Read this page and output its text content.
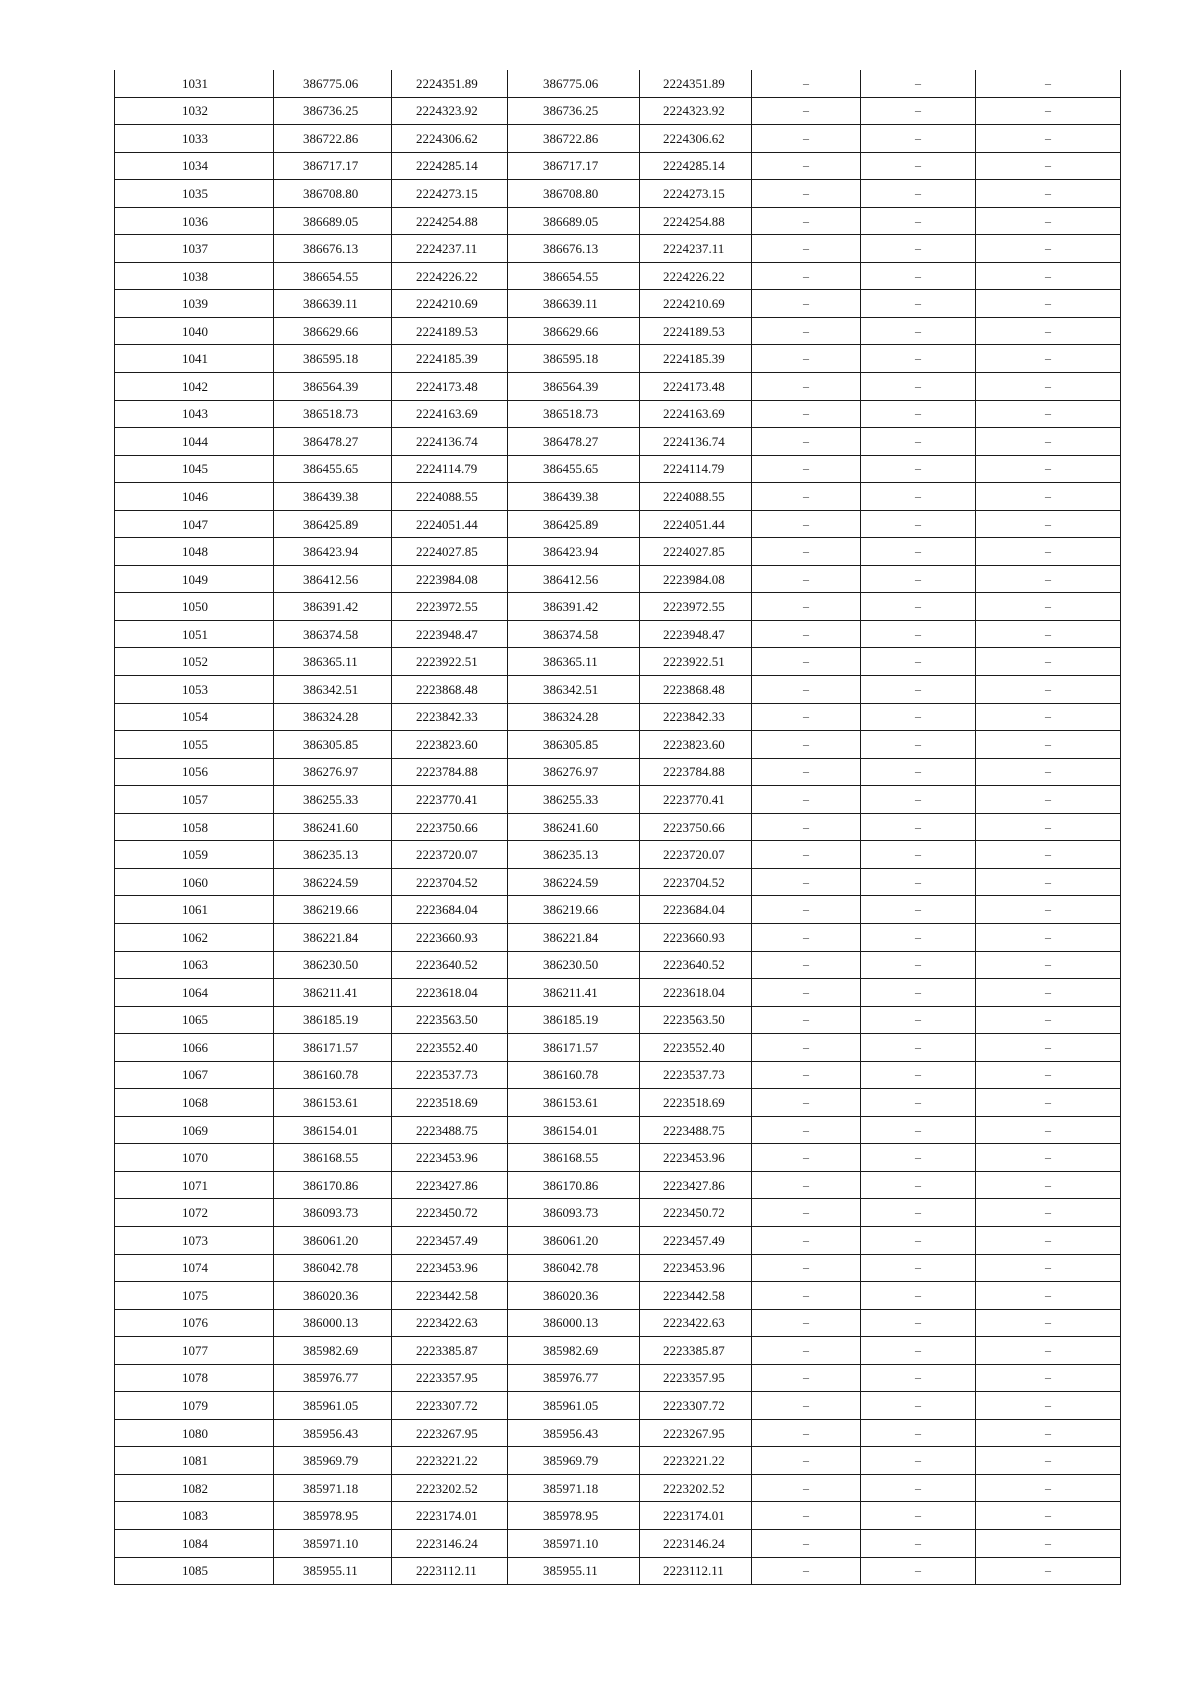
1031	386775.06	2224351.89	386775.06	2224351.89	–	–	–
1032	386736.25	2224323.92	386736.25	2224323.92	–	–	–
1033	386722.86	2224306.62	386722.86	2224306.62	–	–	–
1034	386717.17	2224285.14	386717.17	2224285.14	–	–	–
1035	386708.80	2224273.15	386708.80	2224273.15	–	–	–
1036	386689.05	2224254.88	386689.05	2224254.88	–	–	–
1037	386676.13	2224237.11	386676.13	2224237.11	–	–	–
1038	386654.55	2224226.22	386654.55	2224226.22	–	–	–
1039	386639.11	2224210.69	386639.11	2224210.69	–	–	–
1040	386629.66	2224189.53	386629.66	2224189.53	–	–	–
1041	386595.18	2224185.39	386595.18	2224185.39	–	–	–
1042	386564.39	2224173.48	386564.39	2224173.48	–	–	–
1043	386518.73	2224163.69	386518.73	2224163.69	–	–	–
1044	386478.27	2224136.74	386478.27	2224136.74	–	–	–
1045	386455.65	2224114.79	386455.65	2224114.79	–	–	–
1046	386439.38	2224088.55	386439.38	2224088.55	–	–	–
1047	386425.89	2224051.44	386425.89	2224051.44	–	–	–
1048	386423.94	2224027.85	386423.94	2224027.85	–	–	–
1049	386412.56	2223984.08	386412.56	2223984.08	–	–	–
1050	386391.42	2223972.55	386391.42	2223972.55	–	–	–
1051	386374.58	2223948.47	386374.58	2223948.47	–	–	–
1052	386365.11	2223922.51	386365.11	2223922.51	–	–	–
1053	386342.51	2223868.48	386342.51	2223868.48	–	–	–
1054	386324.28	2223842.33	386324.28	2223842.33	–	–	–
1055	386305.85	2223823.60	386305.85	2223823.60	–	–	–
1056	386276.97	2223784.88	386276.97	2223784.88	–	–	–
1057	386255.33	2223770.41	386255.33	2223770.41	–	–	–
1058	386241.60	2223750.66	386241.60	2223750.66	–	–	–
1059	386235.13	2223720.07	386235.13	2223720.07	–	–	–
1060	386224.59	2223704.52	386224.59	2223704.52	–	–	–
1061	386219.66	2223684.04	386219.66	2223684.04	–	–	–
1062	386221.84	2223660.93	386221.84	2223660.93	–	–	–
1063	386230.50	2223640.52	386230.50	2223640.52	–	–	–
1064	386211.41	2223618.04	386211.41	2223618.04	–	–	–
1065	386185.19	2223563.50	386185.19	2223563.50	–	–	–
1066	386171.57	2223552.40	386171.57	2223552.40	–	–	–
1067	386160.78	2223537.73	386160.78	2223537.73	–	–	–
1068	386153.61	2223518.69	386153.61	2223518.69	–	–	–
1069	386154.01	2223488.75	386154.01	2223488.75	–	–	–
1070	386168.55	2223453.96	386168.55	2223453.96	–	–	–
1071	386170.86	2223427.86	386170.86	2223427.86	–	–	–
1072	386093.73	2223450.72	386093.73	2223450.72	–	–	–
1073	386061.20	2223457.49	386061.20	2223457.49	–	–	–
1074	386042.78	2223453.96	386042.78	2223453.96	–	–	–
1075	386020.36	2223442.58	386020.36	2223442.58	–	–	–
1076	386000.13	2223422.63	386000.13	2223422.63	–	–	–
1077	385982.69	2223385.87	385982.69	2223385.87	–	–	–
1078	385976.77	2223357.95	385976.77	2223357.95	–	–	–
1079	385961.05	2223307.72	385961.05	2223307.72	–	–	–
1080	385956.43	2223267.95	385956.43	2223267.95	–	–	–
1081	385969.79	2223221.22	385969.79	2223221.22	–	–	–
1082	385971.18	2223202.52	385971.18	2223202.52	–	–	–
1083	385978.95	2223174.01	385978.95	2223174.01	–	–	–
1084	385971.10	2223146.24	385971.10	2223146.24	–	–	–
1085	385955.11	2223112.11	385955.11	2223112.11	–	–	–
